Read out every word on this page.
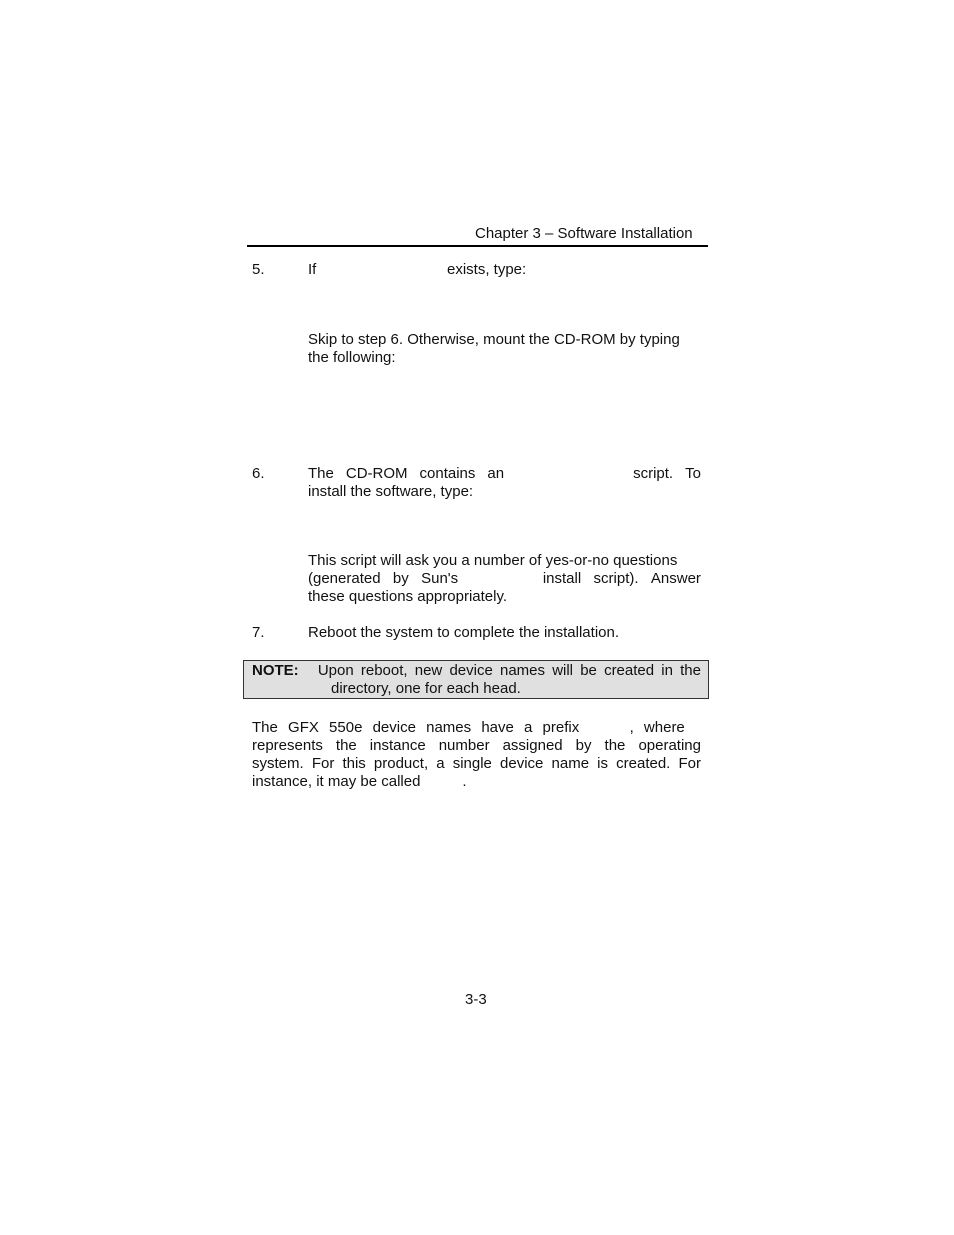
Chapter 3 – Software Installation
5.	If	exists, type:
Skip to step 6. Otherwise, mount the CD-ROM by typing
the following:
6.	The CD-ROM contains an	script. To
install the software, type:
This script will ask you a number of yes-or-no questions
(generated by Sun's	install script). Answer
these questions appropriately.
7.	Reboot the system to complete the installation.
NOTE: Upon reboot, new device names will be created in the
directory, one for each head.
The GFX 550e device names have a prefix	, where
represents the instance number assigned by the operating
system. For this product, a single device name is created. For
instance, it may be called	.
3-3
